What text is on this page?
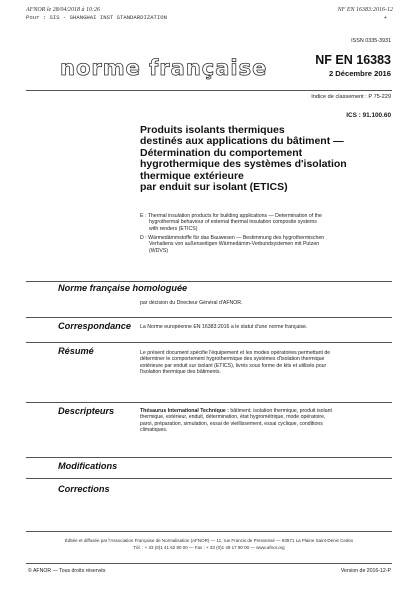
AFNOR le 28/04/2018 à 10:26	NF EN 16383:2016-12
Pour : SIS - SHANGHAI INST STANDARDIZATION	+
ISSN 0335-3931
norme française	NF EN 16383
2 Décembre 2016
Indice de classement : P 75-229
ICS : 91.100.60
Produits isolants thermiques
destinés aux applications du bâtiment —
Détermination du comportement
hygrothermique des systèmes d'isolation
thermique extérieure
par enduit sur isolant (ETICS)
E : Thermal insulation products for building applications — Determination of the
hygrothermal behaviour of external thermal insulation composite systems
with renders (ETICS)
D : Wärmedämmstoffe für das Bauwesen — Bestimmung des hygrothermischen
Verhaltens von außenseitigen Wärmedämm-Verbundsystemen mit Putzen
(WDVS)
Norme française homologuée
par décision du Directeur Général d'AFNOR.
Correspondance La Norme européenne EN 16383:2016 a le statut d'une norme française.
Résumé	Le présent document spécifie l'équipement et les modes opératoires permettant de
déterminer le comportement hygrothermique des systèmes d'isolation thermique
extérieure par enduit sur isolant (ETICS), livrés sous forme de kits et utilisés pour
l'isolation thermique des bâtiments.
Descripteurs	Thésaurus International Technique : bâtiment, isolation thermique, produit isolant
thermique, extérieur, enduit, détermination, état hygrométrique, mode opératoire,
paroi, préparation, simulation, essai de vieillissement, essai cyclique, conditions
climatiques.
Modifications
Corrections
Éditée et diffusée par l'Association Française de Normalisation (AFNOR) — 11, rue Francis de Pressensé — 93571 La Plaine Saint-Denis Cedex
Tél. : + 33 (0)1 41 62 80 00 — Fax : + 33 (0)1 49 17 90 00 — www.afnor.org
© AFNOR — Tous droits réservés	Version de 2016-12-P
